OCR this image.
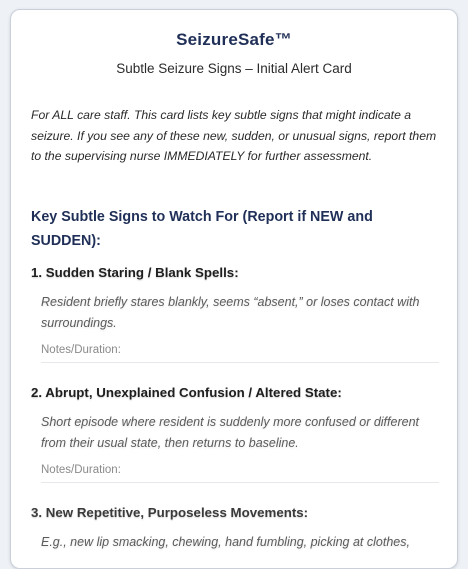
SeizureSafe™
Subtle Seizure Signs – Initial Alert Card
For ALL care staff. This card lists key subtle signs that might indicate a seizure. If you see any of these new, sudden, or unusual signs, report them to the supervising nurse IMMEDIATELY for further assessment.
Key Subtle Signs to Watch For (Report if NEW and SUDDEN):
1. Sudden Staring / Blank Spells:
Resident briefly stares blankly, seems “absent,” or loses contact with surroundings.
Notes/Duration:
2. Abrupt, Unexplained Confusion / Altered State:
Short episode where resident is suddenly more confused or different from their usual state, then returns to baseline.
Notes/Duration:
3. New Repetitive, Purposeless Movements:
E.g., new lip smacking, chewing, hand fumbling, picking at clothes,
